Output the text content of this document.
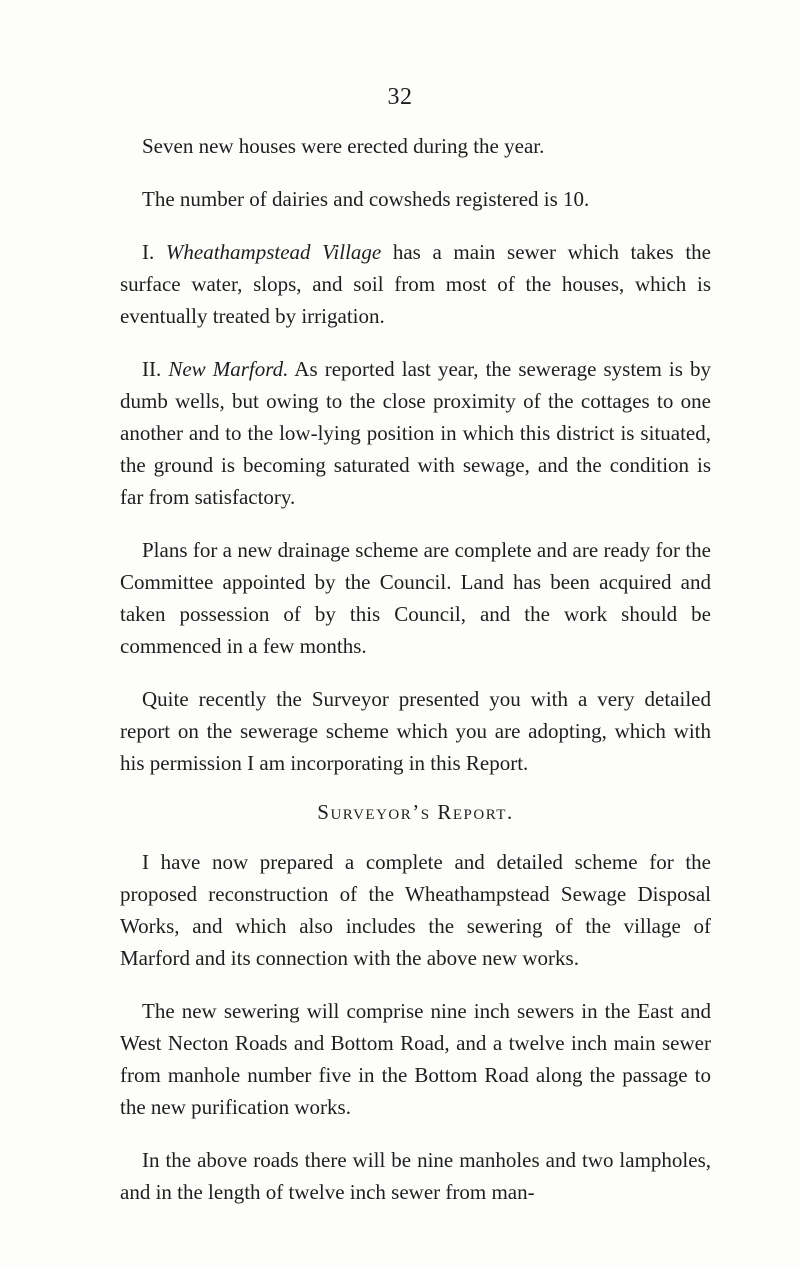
32

Seven new houses were erected during the year.

The number of dairies and cowsheds registered is 10.

I. Wheathampstead Village has a main sewer which takes the surface water, slops, and soil from most of the houses, which is eventually treated by irrigation.

II. New Marford. As reported last year, the sewerage system is by dumb wells, but owing to the close proximity of the cottages to one another and to the low-lying position in which this district is situated, the ground is becoming saturated with sewage, and the condition is far from satisfactory.

Plans for a new drainage scheme are complete and are ready for the Committee appointed by the Council. Land has been acquired and taken possession of by this Council, and the work should be commenced in a few months.

Quite recently the Surveyor presented you with a very detailed report on the sewerage scheme which you are adopting, which with his permission I am incorporating in this Report.

Surveyor’s Report.

I have now prepared a complete and detailed scheme for the proposed reconstruction of the Wheathampstead Sewage Disposal Works, and which also includes the sewering of the village of Marford and its connection with the above new works.

The new sewering will comprise nine inch sewers in the East and West Necton Roads and Bottom Road, and a twelve inch main sewer from manhole number five in the Bottom Road along the passage to the new purification works.

In the above roads there will be nine manholes and two lampholes, and in the length of twelve inch sewer from man-
